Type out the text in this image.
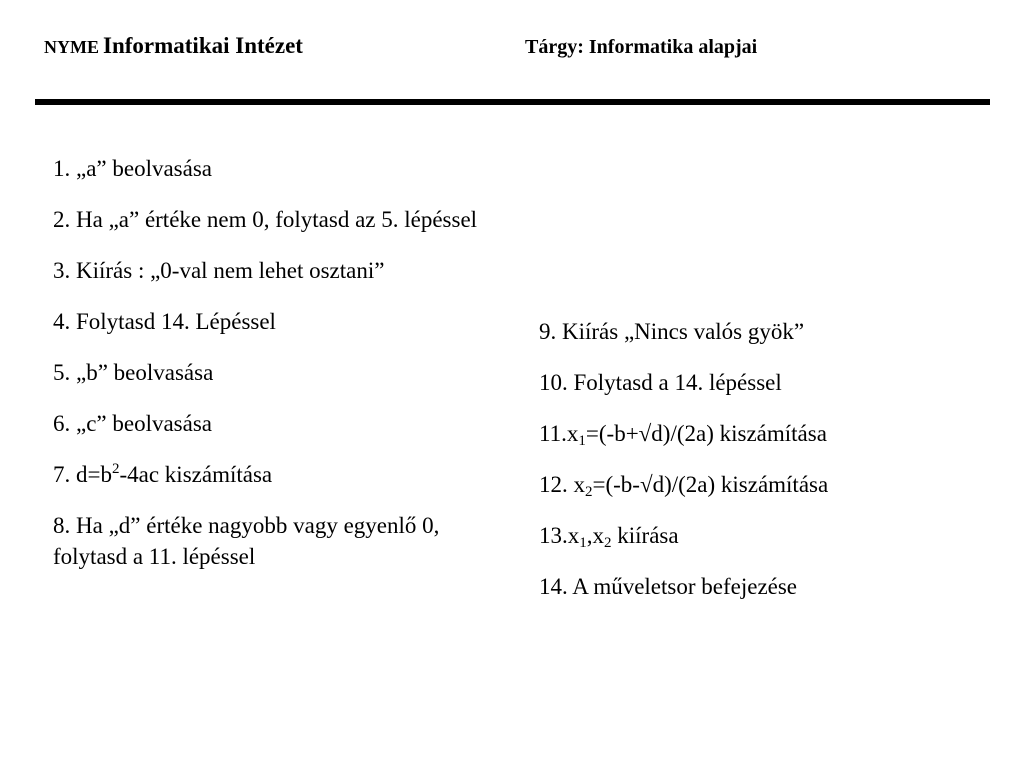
NYME Informatikai Intézet	Tárgy: Informatika alapjai
1. „a” beolvasása
2. Ha „a” értéke nem 0, folytasd az 5. lépéssel
3. Kiírás : „0-val nem lehet osztani”
4. Folytasd 14. Lépéssel
5. „b” beolvasása
6. „c” beolvasása
7. $d=b^2-4ac$ kiszámítása
8. Ha „d” értéke nagyobb vagy egyenlő 0, folytasd a 11. lépéssel
9. Kiírás „Nincs valós gyök”
10. Folytasd a 14. lépéssel
$11.x_1=(-b+√d)/(2a)$ kiszámítása
12. $x_2=(-b-√d)/(2a)$ kiszámítása
$13.x_1,x_2$ kiírása
14. A műveletsor befejezése
